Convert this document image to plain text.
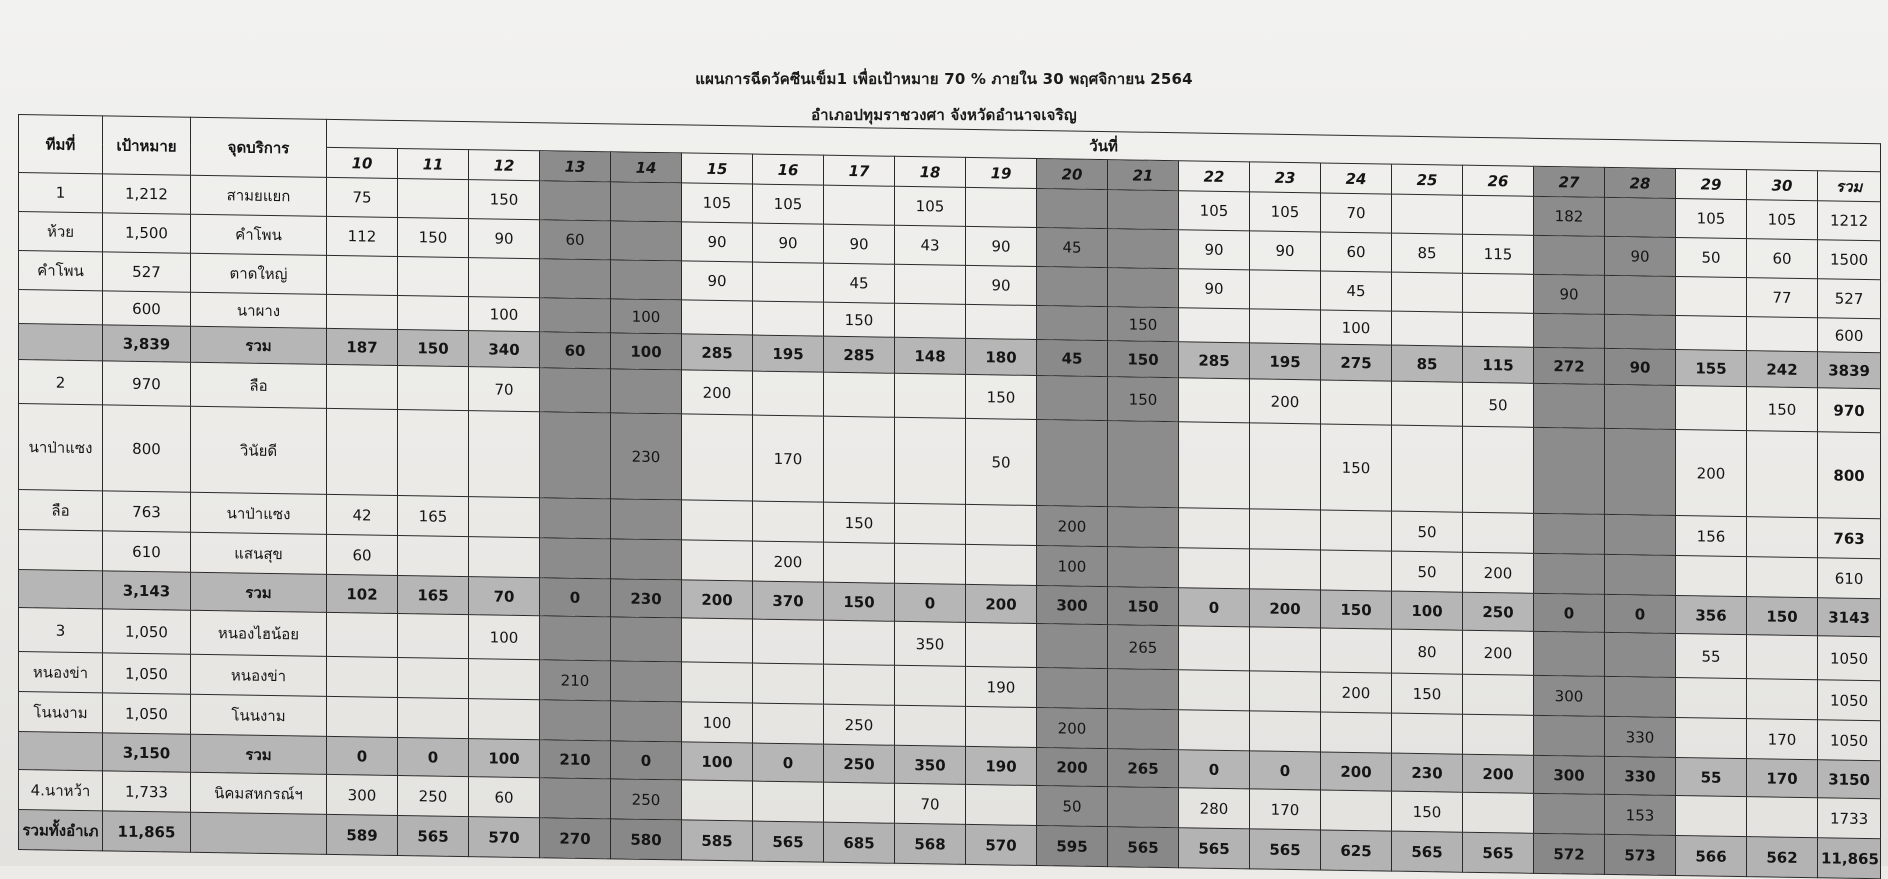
แผนการฉีดวัคซีนเข็ม1 เพื่อเป้าหมาย 70 % ภายใน 30 พฤศจิกายน 2564
อำเภอปทุมราชวงศา จังหวัดอำนาจเจริญ
ทีมที่	เป้าหมาย	จุดบริการ	วันที่																					
			10	11	12	13	14	15	16	17	18	19	20	21	22	23	24	25	26	27	28	29	30	รวม
1	1,212	สามยแยก	75		150			105	105		105				105	105	70			182		105	105	1212
ห้วย	1,500	คำโพน	112	150	90	60		90	90	90	43	90	45		90	90	60	85	115		90	50	60	1500
คำโพน	527	ตาดใหญ่						90		45		90			90		45			90			77	527
	600	นาผาง			100		100			150				150			100							600
	3,839	รวม	187	150	340	60	100	285	195	285	148	180	45	150	285	195	275	85	115	272	90	155	242	3839
2	970	ลือ			70			200				150		150		200			50				150	970
นาป่าแซง	800	วินัยดี					230		170			50					150					200		800
ลือ	763	นาป่าแซง	42	165						150			200					50				156		763
	610	แสนสุข	60						200				100					50	200					610
	3,143	รวม	102	165	70	0	230	200	370	150	0	200	300	150	0	200	150	100	250	0	0	356	150	3143
3	1,050	หนองไฮน้อย			100						350			265				80	200			55		1050
หนองข่า	1,050	หนองข่า				210						190					200	150		300				1050
โนนงาม	1,050	โนนงาม						100		250			200								330		170	1050
	3,150	รวม	0	0	100	210	0	100	0	250	350	190	200	265	0	0	200	230	200	300	330	55	170	3150
4.นาหว้า	1,733	นิคมสหกรณ์ฯ	300	250	60		250				70		50		280	170		150			153			1733
รวมทั้งอำเภ	11,865		589	565	570	270	580	585	565	685	568	570	595	565	565	565	625	565	565	572	573	566	562	11,865
